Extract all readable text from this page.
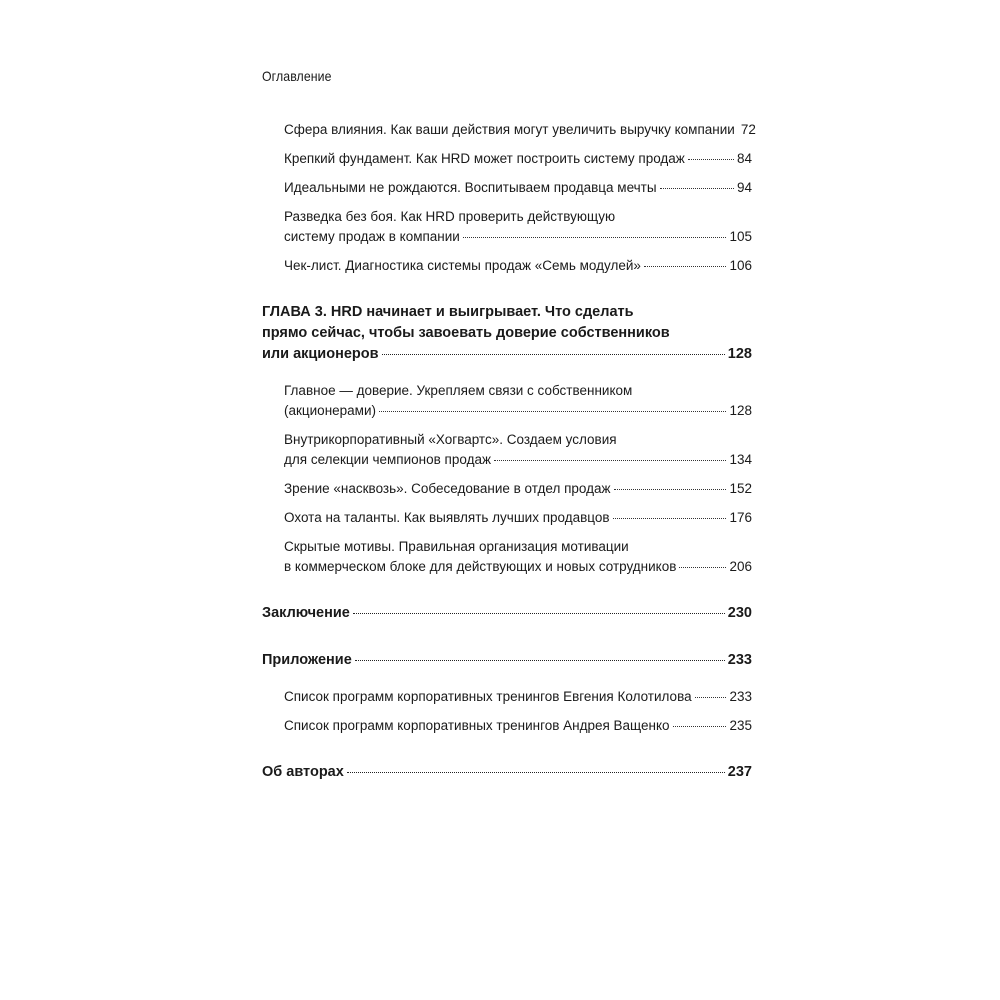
Оглавление
Сфера влияния. Как ваши действия могут увеличить выручку компании 72
Крепкий фундамент. Как HRD может построить систему продаж	84
Идеальными не рождаются. Воспитываем продавца мечты	94
Разведка без боя. Как HRD проверить действующую
систему продаж в компании	105
Чек-лист. Диагностика системы продаж «Семь модулей»	106
ГЛАВА 3. HRD начинает и выигрывает. Что сделать
прямо сейчас, чтобы завоевать доверие собственников
или акционеров	128
Главное — доверие. Укрепляем связи с собственником
(акционерами)	128
Внутрикорпоративный «Хогвартс». Создаем условия
для селекции чемпионов продаж	134
Зрение «насквозь». Собеседование в отдел продаж	152
Охота на таланты. Как выявлять лучших продавцов	176
Скрытые мотивы. Правильная организация мотивации
в коммерческом блоке для действующих и новых сотрудников	206
Заключение	230
Приложение	233
Список программ корпоративных тренингов Евгения Колотилова	233
Список программ корпоративных тренингов Андрея Ващенко	235
Об авторах	237
